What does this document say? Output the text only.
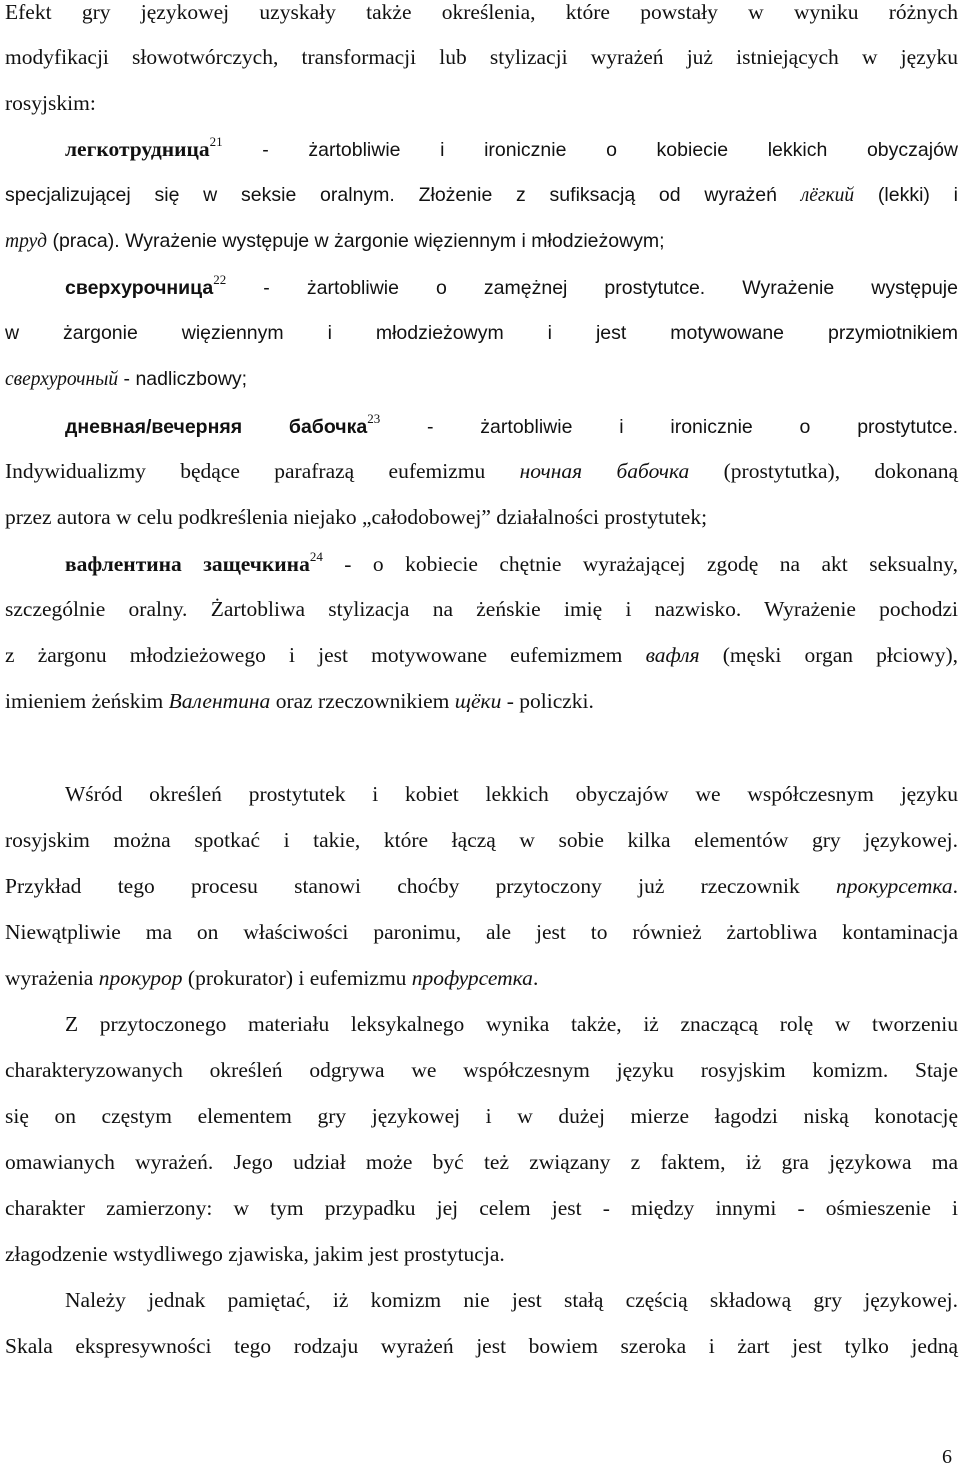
Efekt gry językowej uzyskały także określenia, które powstały w wyniku różnych
modyfikacji słowotwórczych, transformacji lub stylizacji wyrażeń już istniejących w języku
rosyjskim:
легкотрудница$^{21}$ - żartobliwie i ironicznie o kobiecie lekkich obyczajów
specjalizującej się w seksie oralnym. Złożenie z sufiksacją od wyrażeń лёгкий (lekki) i
труд (praca). Wyrażenie występuje w żargonie więziennym i młodzieżowym;
сверхурочница$^{22}$ - żartobliwie o zamężnej prostytutce. Wyrażenie występuje
w żargonie więziennym i młodzieżowym i jest motywowane przymiotnikiem
сверхурочный - nadliczbowy;
дневная/вечерняя бабочка$^{23}$ - żartobliwie i ironicznie o prostytutce.
Indywidualizmy będące parafrazą eufemizmu ночная бабочка (prostytutka), dokonaną
przez autora w celu podkreślenia niejako „całodobowej” działalności prostytutek;
вафлентина защечкина$^{24}$ - o kobiecie chętnie wyrażającej zgodę na akt seksualny,
szczególnie oralny. Żartobliwa stylizacja na żeńskie imię i nazwisko. Wyrażenie pochodzi
z żargonu młodzieżowego i jest motywowane eufemizmem вафля (męski organ płciowy),
imieniem żeńskim Валентина oraz rzeczownikiem щёки - policzki.
Wśród określeń prostytutek i kobiet lekkich obyczajów we współczesnym języku
rosyjskim można spotkać i takie, które łączą w sobie kilka elementów gry językowej.
Przykład tego procesu stanowi choćby przytoczony już rzeczownik прокурсетка.
Niewątpliwie ma on właściwości paronimu, ale jest to również żartobliwa kontaminacja
wyrażenia прокурор (prokurator) i eufemizmu профурсетка.
Z przytoczonego materiału leksykalnego wynika także, iż znaczącą rolę w tworzeniu
charakteryzowanych określeń odgrywa we współczesnym języku rosyjskim komizm. Staje
się on częstym elementem gry językowej i w dużej mierze łagodzi niską konotację
omawianych wyrażeń. Jego udział może być też związany z faktem, iż gra językowa ma
charakter zamierzony: w tym przypadku jej celem jest - między innymi - ośmieszenie i
złagodzenie wstydliwego zjawiska, jakim jest prostytucja.
Należy jednak pamiętać, iż komizm nie jest stałą częścią składową gry językowej.
Skala ekspresywności tego rodzaju wyrażeń jest bowiem szeroka i żart jest tylko jedną
6
